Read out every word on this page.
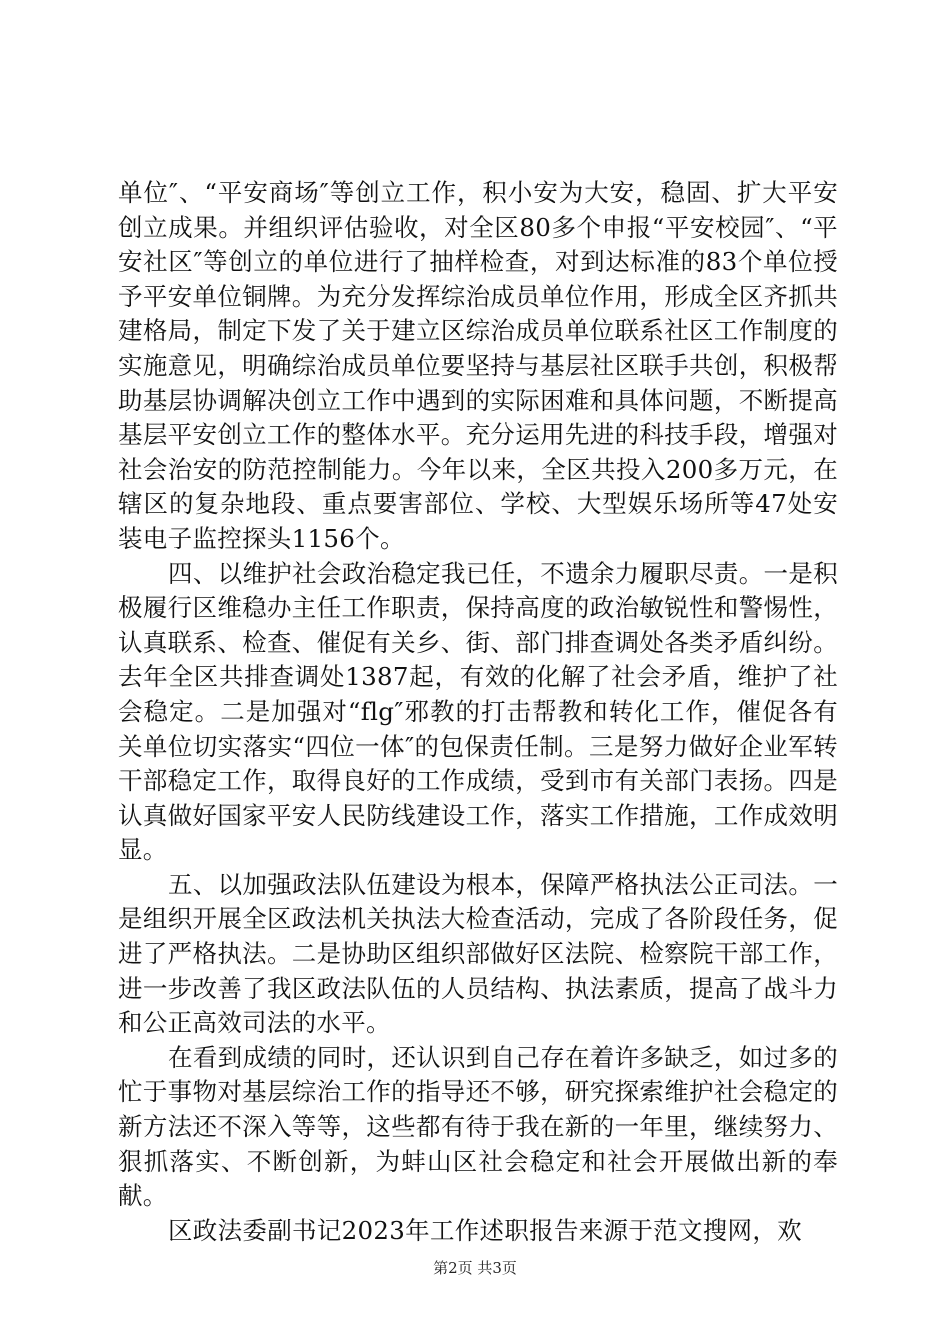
单位″、“平安商场″等创立工作，积小安为大安，稳固、扩大平安创立成果。并组织评估验收，对全区80多个申报“平安校园″、“平安社区″等创立的单位进行了抽样检查，对到达标准的83个单位授予平安单位铜牌。为充分发挥综治成员单位作用，形成全区齐抓共建格局，制定下发了关于建立区综治成员单位联系社区工作制度的实施意见，明确综治成员单位要坚持与基层社区联手共创，积极帮助基层协调解决创立工作中遇到的实际困难和具体问题，不断提高基层平安创立工作的整体水平。充分运用先进的科技手段，增强对社会治安的防范控制能力。今年以来，全区共投入200多万元，在辖区的复杂地段、重点要害部位、学校、大型娱乐场所等47处安装电子监控探头1156个。

四、以维护社会政治稳定我已任，不遗余力履职尽责。一是积极履行区维稳办主任工作职责，保持高度的政治敏锐性和警惕性，认真联系、检查、催促有关乡、街、部门排查调处各类矛盾纠纷。去年全区共排查调处1387起，有效的化解了社会矛盾，维护了社会稳定。二是加强对“flg″邪教的打击帮教和转化工作，催促各有关单位切实落实“四位一体″的包保责任制。三是努力做好企业军转干部稳定工作，取得良好的工作成绩，受到市有关部门表扬。四是认真做好国家平安人民防线建设工作，落实工作措施，工作成效明显。

五、以加强政法队伍建设为根本，保障严格执法公正司法。一是组织开展全区政法机关执法大检查活动，完成了各阶段任务，促进了严格执法。二是协助区组织部做好区法院、检察院干部工作，进一步改善了我区政法队伍的人员结构、执法素质，提高了战斗力和公正高效司法的水平。

在看到成绩的同时，还认识到自己存在着许多缺乏，如过多的忙于事物对基层综治工作的指导还不够，研究探索维护社会稳定的新方法还不深入等等，这些都有待于我在新的一年里，继续努力、狠抓落实、不断创新，为蚌山区社会稳定和社会开展做出新的奉献。

区政法委副书记2023年工作述职报告来源于范文搜网，欢

第2页 共3页
